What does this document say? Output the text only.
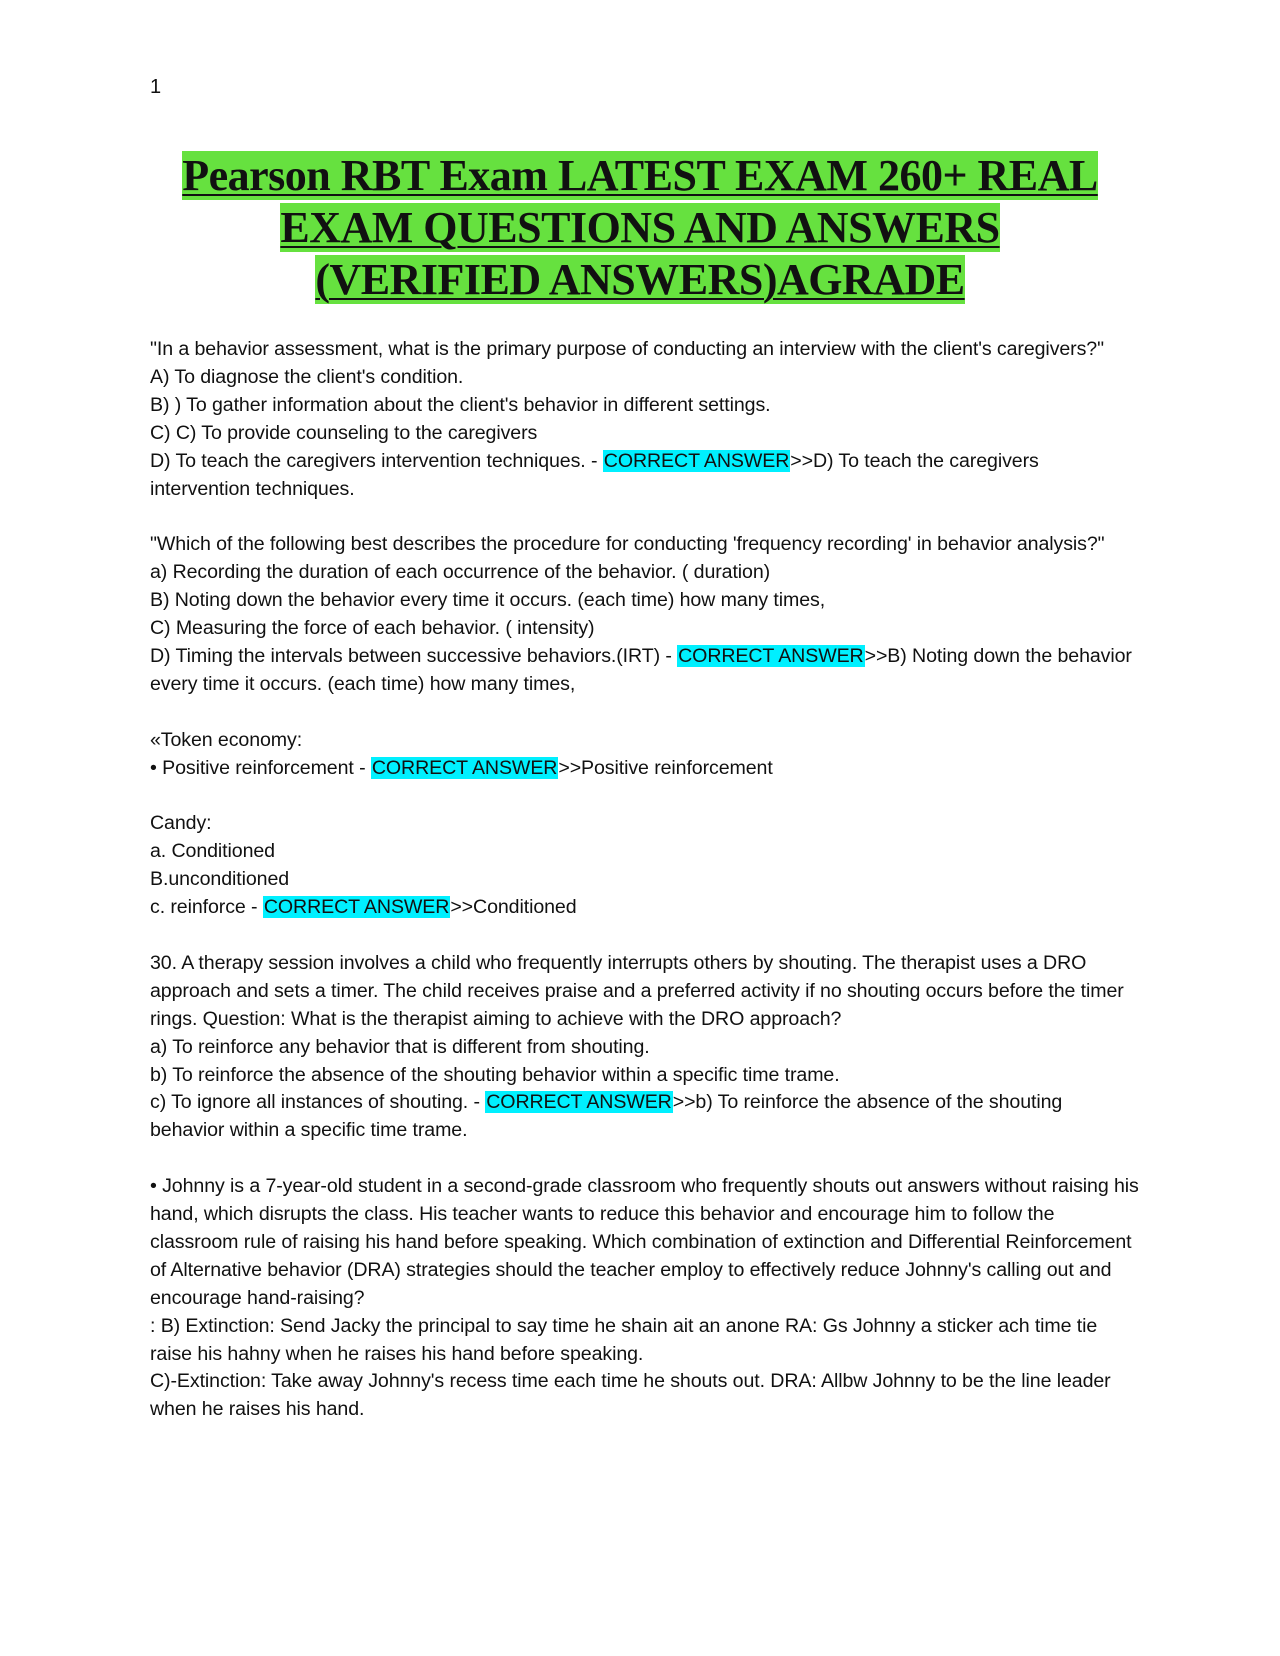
1
Pearson RBT Exam LATEST EXAM 260+ REAL
EXAM QUESTIONS AND ANSWERS
(VERIFIED ANSWERS)AGRADE
"In a behavior assessment, what is the primary purpose of conducting an interview with the client's caregivers?"
A) To diagnose the client's condition.
B) ) To gather information about the client's behavior in different settings.
C) C) To provide counseling to the caregivers
D) To teach the caregivers intervention techniques. - CORRECT ANSWER>>D) To teach the caregivers intervention techniques.
"Which of the following best describes the procedure for conducting 'frequency recording' in behavior analysis?"
a) Recording the duration of each occurrence of the behavior. ( duration)
B) Noting down the behavior every time it occurs. (each time) how many times,
C) Measuring the force of each behavior. ( intensity)
D) Timing the intervals between successive behaviors.(IRT) - CORRECT ANSWER>>B) Noting down the behavior every time it occurs. (each time) how many times,
«Token economy:
• Positive reinforcement - CORRECT ANSWER>>Positive reinforcement
Candy:
a. Conditioned
B.unconditioned
c. reinforce - CORRECT ANSWER>>Conditioned
30. A therapy session involves a child who frequently interrupts others by shouting. The therapist uses a DRO approach and sets a timer. The child receives praise and a preferred activity if no shouting occurs before the timer rings. Question: What is the therapist aiming to achieve with the DRO approach?
a) To reinforce any behavior that is different from shouting.
b) To reinforce the absence of the shouting behavior within a specific time trame.
c) To ignore all instances of shouting. - CORRECT ANSWER>>b) To reinforce the absence of the shouting behavior within a specific time trame.
• Johnny is a 7-year-old student in a second-grade classroom who frequently shouts out answers without raising his hand, which disrupts the class. His teacher wants to reduce this behavior and encourage him to follow the classroom rule of raising his hand before speaking. Which combination of extinction and Differential Reinforcement of Alternative behavior (DRA) strategies should the teacher employ to effectively reduce Johnny's calling out and encourage hand-raising?
: B) Extinction: Send Jacky the principal to say time he shain ait an anone RA: Gs Johnny a sticker ach time tie raise his hahny when he raises his hand before speaking.
C)-Extinction: Take away Johnny's recess time each time he shouts out. DRA: Allbw Johnny to be the line leader when he raises his hand.
